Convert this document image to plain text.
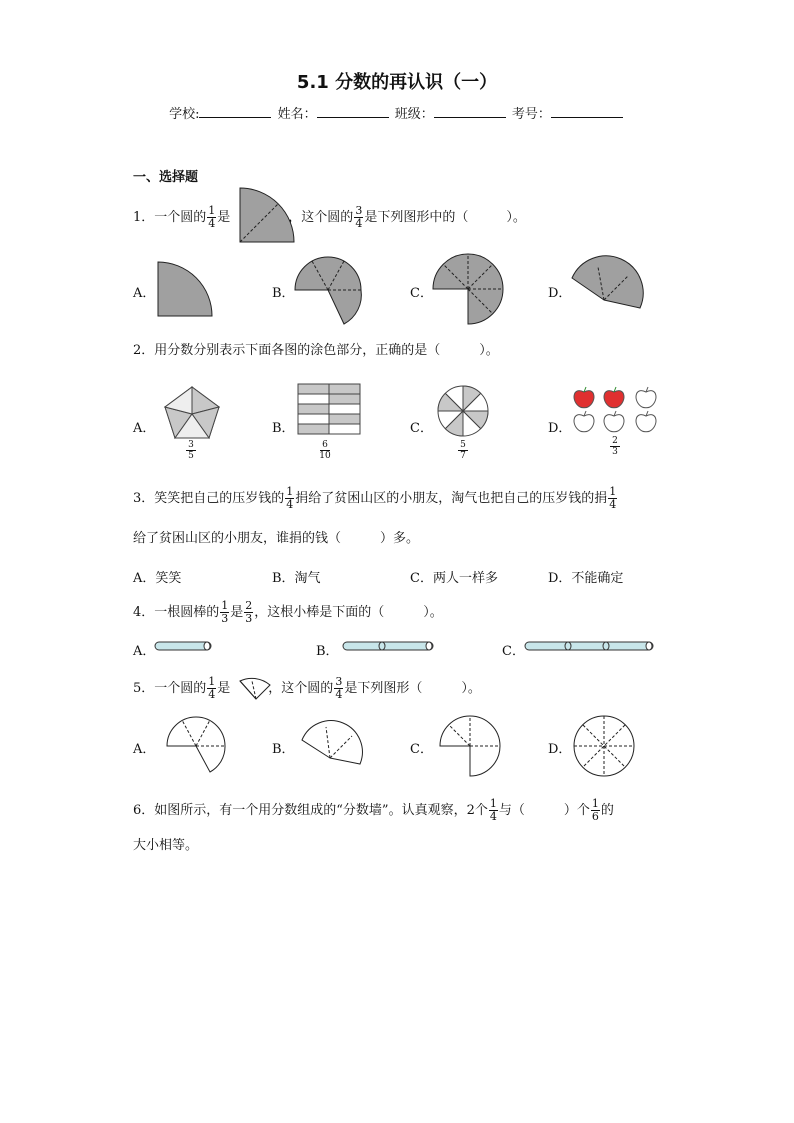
5.1 分数的再认识（一）
学校:	姓名：	班级：	考号：
一、选择题
1．一个圆的 $\frac{1}{4}$ 是	，这个圆的 $\frac{3}{4}$ 是下列图形中的（	）。
A．	B．	C．	D．
2．用分数分别表示下面各图的涂色部分，正确的是（　　　）。
A．
3
5
B．
6
10
C．
5
7
D．
2
3
3．笑笑把自己的压岁钱的 $\frac{1}{4}$ 捐给了贫困山区的小朋友，淘气也把自己的压岁钱的捐 $\frac{1}{4}$
给了贫困山区的小朋友，谁捐的钱（　　　）多。
A．笑笑	B．淘气	C．两人一样多	D．不能确定
4．一根圆棒的 $\frac{1}{3}$ 是 $\frac{2}{3}$ ，这根小棒是下面的（　　　）。
A．	B．	C．
5．一个圆的 $\frac{1}{4}$ 是	，这个圆的 $\frac{3}{4}$ 是下列图形（　　　）。
A．	B．	C．	D．
6．如图所示，有一个用分数组成的“分数墙”。认真观察，2个 $\frac{1}{4}$ 与（　　　）个 $\frac{1}{6}$ 的
大小相等。
